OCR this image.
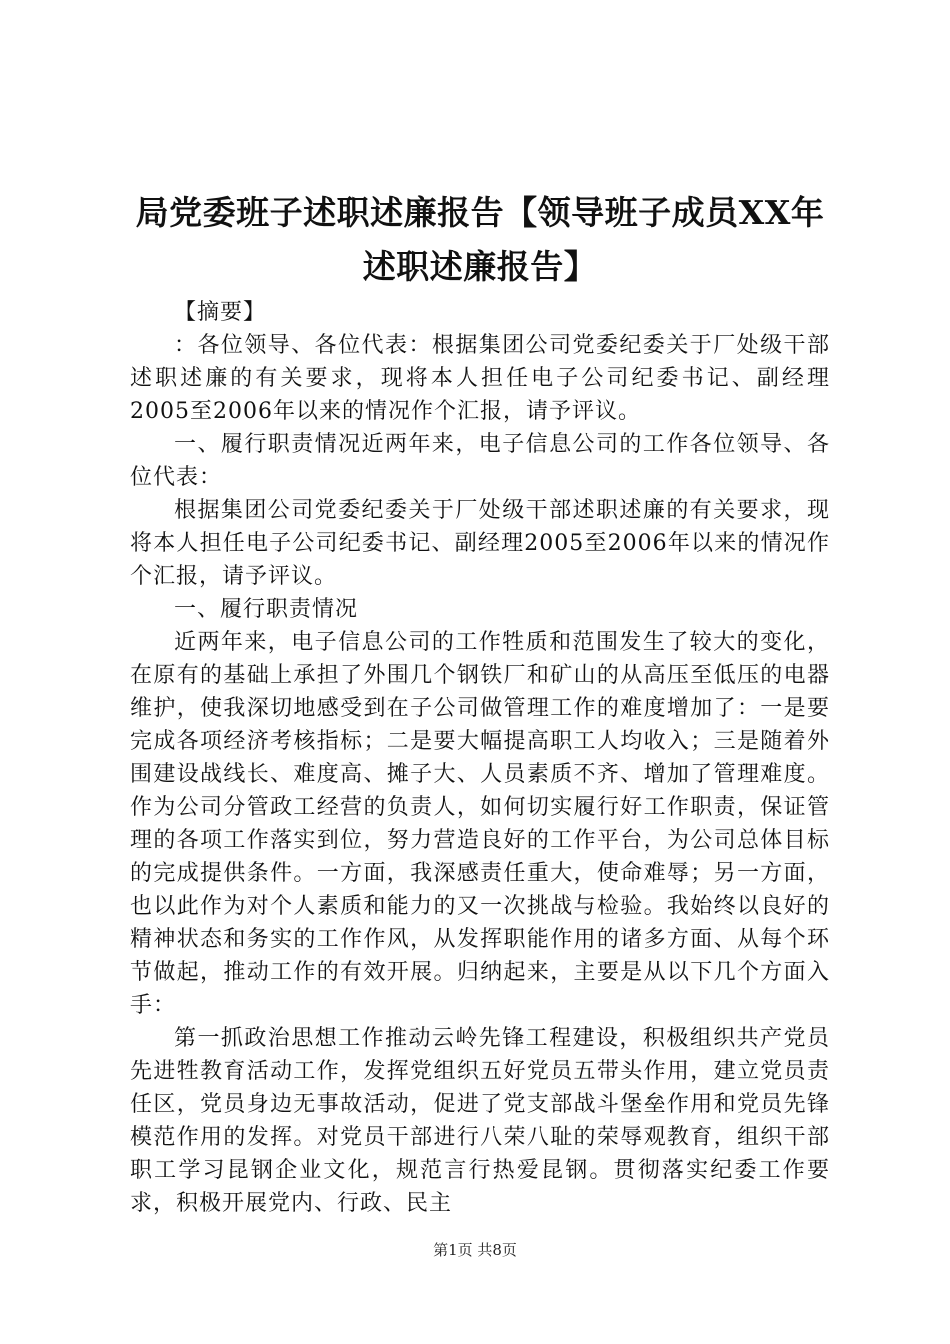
局党委班子述职述廉报告【领导班子成员XX年述职述廉报告】

【摘要】

：各位领导、各位代表：根据集团公司党委纪委关于厂处级干部述职述廉的有关要求，现将本人担任电子公司纪委书记、副经理2005至2006年以来的情况作个汇报，请予评议。

一、履行职责情况近两年来，电子信息公司的工作各位领导、各位代表：

根据集团公司党委纪委关于厂处级干部述职述廉的有关要求，现将本人担任电子公司纪委书记、副经理2005至2006年以来的情况作个汇报，请予评议。

一、履行职责情况

近两年来，电子信息公司的工作牲质和范围发生了较大的变化，在原有的基础上承担了外围几个钢铁厂和矿山的从高压至低压的电器维护，使我深切地感受到在子公司做管理工作的难度增加了：一是要完成各项经济考核指标；二是要大幅提高职工人均收入；三是随着外围建设战线长、难度高、摊子大、人员素质不齐、增加了管理难度。作为公司分管政工经营的负责人，如何切实履行好工作职责，保证管理的各项工作落实到位，努力营造良好的工作平台，为公司总体目标的完成提供条件。一方面，我深感责任重大，使命难辱；另一方面，也以此作为对个人素质和能力的又一次挑战与检验。我始终以良好的精神状态和务实的工作作风，从发挥职能作用的诸多方面、从每个环节做起，推动工作的有效开展。归纳起来，主要是从以下几个方面入手：

第一抓政治思想工作推动云岭先锋工程建设，积极组织共产党员先进牲教育活动工作，发挥党组织五好党员五带头作用，建立党员责任区，党员身边无事故活动，促进了党支部战斗堡垒作用和党员先锋模范作用的发挥。对党员干部进行八荣八耻的荣辱观教育，组织干部职工学习昆钢企业文化，规范言行热爱昆钢。贯彻落实纪委工作要求，积极开展党内、行政、民主

第1页 共8页
